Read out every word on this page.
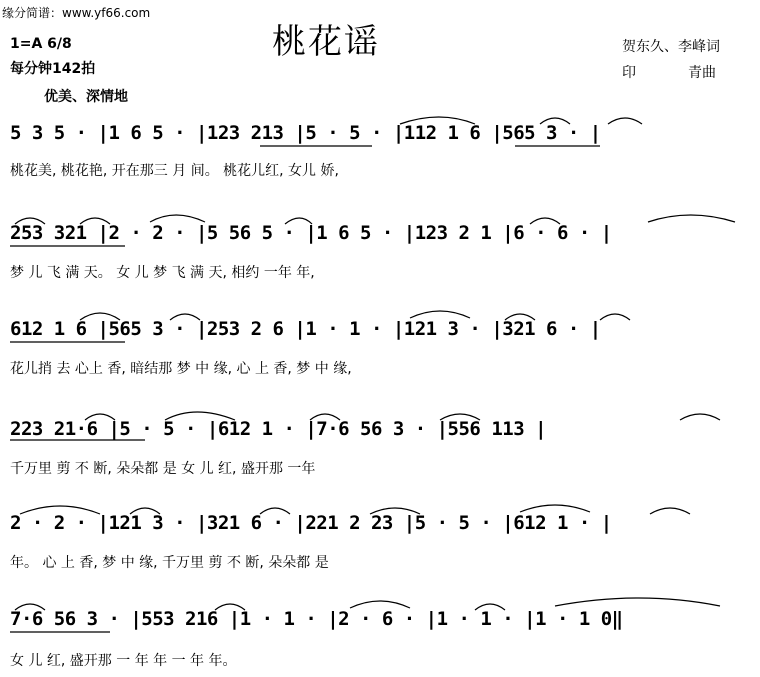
缘分简谱：www.yf66.com
桃花谣
1=A 6/8
每分钟142拍
优美、深情地
贺东久、李峰词
印	青曲
5 3 5 · |1 6 5 · |123 213 |5 · 5 · |112 1 6 |565 3 · |
桃花美, 桃花艳, 开在那三 月 间。 桃花儿红, 女儿 娇,
253 321 |2 · 2 · |5 56 5 · |1 6 5 · |123 2 1 |6 · 6 · |
梦 儿 飞 满 天。 女 儿 梦 飞 满 天, 相约 一年 年,
612 1 6 |565 3 · |253 2 6 |1 · 1 · |121 3 · |321 6 · |
花儿捎 去 心上 香, 暗结那 梦 中 缘, 心 上 香, 梦 中 缘,
223 21·6 |5 · 5 · |612 1 · |7·6 56 3 · |556 113 |
千万里 剪 不 断, 朵朵都 是 女 儿 红, 盛开那 一年
2 · 2 · |121 3 · |321 6 · |221 2 23 |5 · 5 · |612 1 · |
年。 心 上 香, 梦 中 缘, 千万里 剪 不 断, 朵朵都 是
7·6 56 3 · |553 216 |1 · 1 · |2 · 6 · |1 · 1 · |1 · 1 0‖
女 儿 红, 盛开那 一 年 年 一 年 年。
